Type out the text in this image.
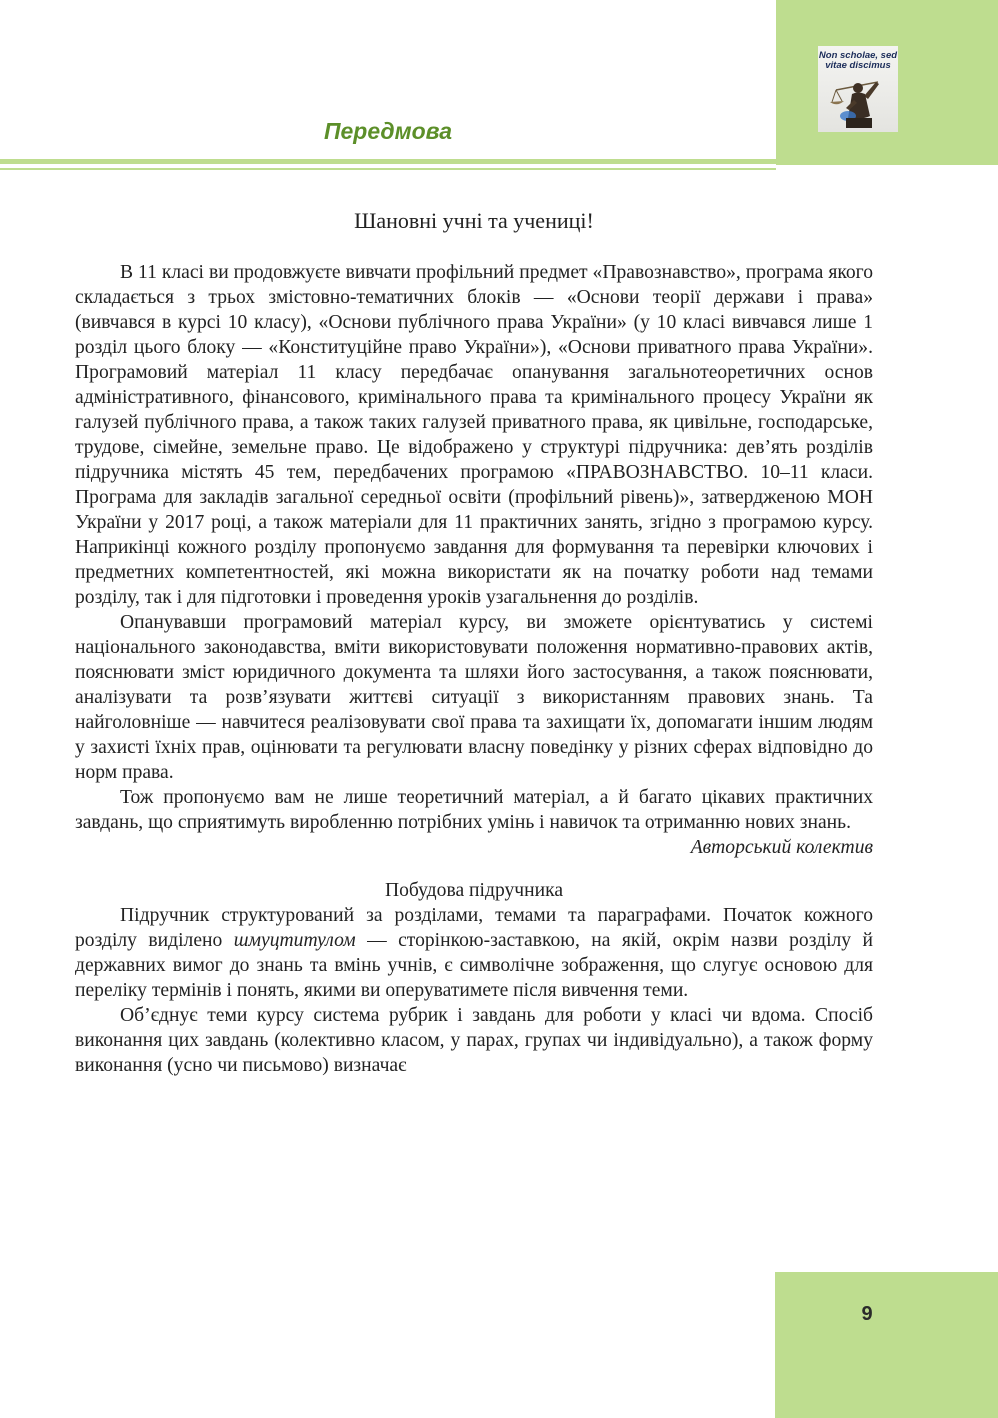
Non scholae, sed vitae discimus
Передмова

Шановні учні та учениці!

В 11 класі ви продовжуєте вивчати профільний предмет «Правознавство», програма якого складається з трьох змістовно-тематичних блоків — «Основи теорії держави і права» (вивчався в курсі 10 класу), «Основи публічного права України» (у 10 класі вивчався лише 1 розділ цього блоку — «Конституційне право України»), «Основи приватного права України». Програмовий матеріал 11 класу передбачає опанування загальнотеоретичних основ адміністративного, фінансового, кримінального права та кримінального процесу України як галузей публічного права, а також таких галузей приватного права, як цивільне, господарське, трудове, сімейне, земельне право. Це відображено у структурі підручника: дев’ять розділів підручника містять 45 тем, передбачених програмою «ПРАВОЗНАВСТВО. 10–11 класи. Програма для закладів загальної середньої освіти (профільний рівень)», затвердженою МОН України у 2017 році, а також матеріали для 11 практичних занять, згідно з програмою курсу. Наприкінці кожного розділу пропонуємо завдання для формування та перевірки ключових і предметних компетентностей, які можна використати як на початку роботи над темами розділу, так і для підготовки і проведення уроків узагальнення до розділів.

Опанувавши програмовий матеріал курсу, ви зможете орієнтуватись у системі національного законодавства, вміти використовувати положення нормативно-правових актів, пояснювати зміст юридичного документа та шляхи його застосування, а також пояснювати, аналізувати та розв’язувати життєві ситуації з використанням правових знань. Та найголовніше — навчитеся реалізовувати свої права та захищати їх, допомагати іншим людям у захисті їхніх прав, оцінювати та регулювати власну поведінку у різних сферах відповідно до норм права.

Тож пропонуємо вам не лише теоретичний матеріал, а й багато цікавих практичних завдань, що сприятимуть виробленню потрібних умінь і навичок та отриманню нових знань.

Авторський колектив

Побудова підручника

Підручник структурований за розділами, темами та параграфами. Початок кожного розділу виділено шмуцтитулом — сторінкою-заставкою, на якій, окрім назви розділу й державних вимог до знань та вмінь учнів, є символічне зображення, що слугує основою для переліку термінів і понять, якими ви оперуватимете після вивчення теми.

Об’єднує теми курсу система рубрик і завдань для роботи у класі чи вдома. Спосіб виконання цих завдань (колективно класом, у парах, групах чи індивідуально), а також форму виконання (усно чи письмово) визначає

9
